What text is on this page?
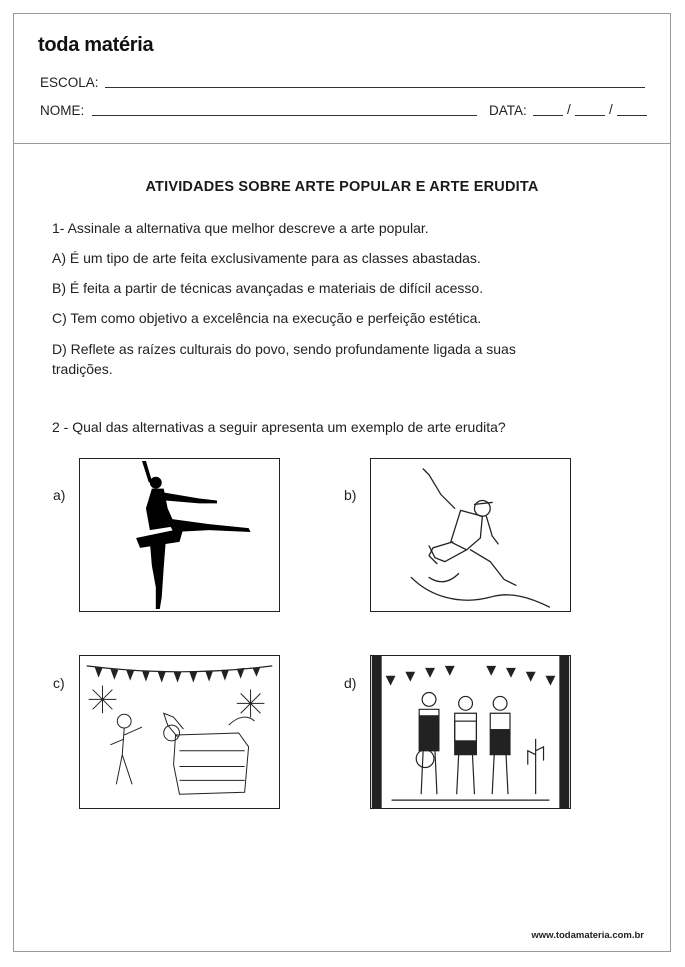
toda matéria
ESCOLA:
NOME:	DATA:	/	/
ATIVIDADES SOBRE ARTE POPULAR E ARTE ERUDITA
1- Assinale a alternativa que melhor descreve a arte popular.
A) É um tipo de arte feita exclusivamente para as classes abastadas.
B) É feita a partir de técnicas avançadas e materiais de difícil acesso.
C) Tem como objetivo a excelência na execução e perfeição estética.
D) Reflete as raízes culturais do povo, sendo profundamente ligada a suas tradições.
2 - Qual das alternativas a seguir apresenta um exemplo de arte erudita?
a)	b)
c)	d)
www.todamateria.com.br
